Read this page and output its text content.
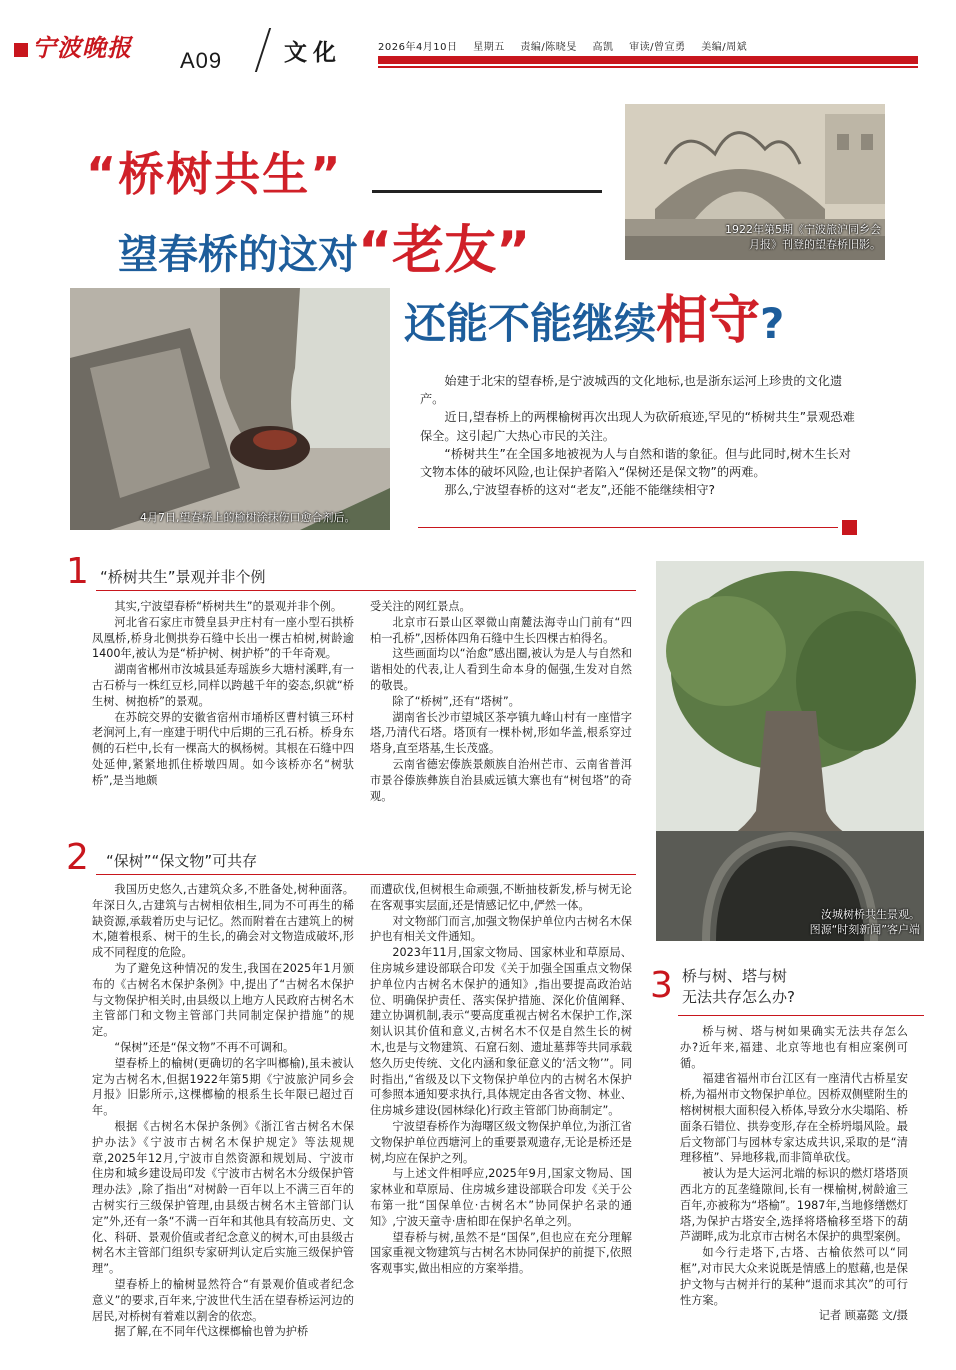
宁波晚报	A09	文化	2026年4月10日 星期五 责编/陈晓旻 高凯 审读/曾宣勇 美编/周斌
1922年第5期《宁波旅沪同乡会月报》刊登的望春桥旧影。
“桥树共生”
望春桥的这对“老友”
4月7日,望春桥上的榆树涂抹伤口愈合剂后。
还能不能继续相守?

始建于北宋的望春桥,是宁波城西的文化地标,也是浙东运河上珍贵的文化遗产。

近日,望春桥上的两棵榆树再次出现人为砍斫痕迹,罕见的“桥树共生”景观恐难保全。这引起广大热心市民的关注。

“桥树共生”在全国多地被视为人与自然和谐的象征。但与此同时,树木生长对文物本体的破坏风险,也让保护者陷入“保树还是保文物”的两难。

那么,宁波望春桥的这对“老友”,还能不能继续相守?

1 “桥树共生”景观并非个例

其实,宁波望春桥“桥树共生”的景观并非个例。

河北省石家庄市赞皇县尹庄村有一座小型石拱桥凤凰桥,桥身北侧拱券石缝中长出一棵古柏树,树龄逾1400年,被认为是“桥护树、树护桥”的千年奇观。

湖南省郴州市汝城县延寿瑶族乡大塘村溪畔,有一古石桥与一株红豆杉,同样以跨越千年的姿态,织就“桥生树、树抱桥”的景观。

在苏皖交界的安徽省宿州市埇桥区曹村镇三环村老涧河上,有一座建于明代中后期的三孔石桥。桥身东侧的石栏中,长有一棵高大的枫杨树。其根在石缝中四处延伸,紧紧地抓住桥墩四周。如今该桥亦名“树驮桥”,是当地颇

受关注的网红景点。

北京市石景山区翠微山南麓法海寺山门前有“四柏一孔桥”,因桥体四角石缝中生长四棵古柏得名。

这些画面均以“治愈”感出圈,被认为是人与自然和谐相处的代表,让人看到生命本身的倔强,生发对自然的敬畏。

除了“桥树”,还有“塔树”。

湖南省长沙市望城区茶亭镇九峰山村有一座惜字塔,乃清代石塔。塔顶有一棵朴树,形如华盖,根系穿过塔身,直至塔基,生长茂盛。

云南省德宏傣族景颇族自治州芒市、云南省普洱市景谷傣族彝族自治县威远镇大寨也有“树包塔”的奇观。

汝城树桥共生景观。
图源“时刻新闻”客户端
2 “保树”“保文物”可共存

我国历史悠久,古建筑众多,不胜备处,树种面落。年深日久,古建筑与古树相依相生,同为不可再生的稀缺资源,承载着历史与记忆。然而附着在古建筑上的树木,随着根系、树干的生长,的确会对文物造成破坏,形成不同程度的危险。

为了避免这种情况的发生,我国在2025年1月颁布的《古树名木保护条例》中,提出了“古树名木保护与文物保护相关时,由县级以上地方人民政府古树名木主管部门和文物主管部门共同制定保护措施”的规定。

“保树”还是“保文物”不再不可调和。

望春桥上的榆树(更确切的名字叫榔榆),虽未被认定为古树名木,但据1922年第5期《宁波旅沪同乡会月报》旧影所示,这棵榔榆的根系生长年限已超过百年。

根据《古树名木保护条例》《浙江省古树名木保护办法》《宁波市古树名木保护规定》等法规规章,2025年12月,宁波市自然资源和规划局、宁波市住房和城乡建设局印发《宁波市古树名木分级保护管理办法》,除了指出“对树龄一百年以上不满三百年的古树实行三级保护管理,由县级古树名木主管部门认定”外,还有一条“不满一百年和其他具有较高历史、文化、科研、景观价值或者纪念意义的树木,可由县级古树名木主管部门组织专家研判认定后实施三级保护管理”。

望春桥上的榆树显然符合“有景观价值或者纪念意义”的要求,百年来,宁波世代生活在望春桥运河边的居民,对桥树有着难以割舍的依恋。

据了解,在不同年代这棵榔榆也曾为护桥

而遭砍伐,但树根生命顽强,不断抽枝新发,桥与树无论在客观事实层面,还是情感记忆中,俨然一体。

对文物部门而言,加强文物保护单位内古树名木保护也有相关文件通知。

2023年11月,国家文物局、国家林业和草原局、住房城乡建设部联合印发《关于加强全国重点文物保护单位内古树名木保护的通知》,指出要提高政治站位、明确保护责任、落实保护措施、深化价值阐释、建立协调机制,表示“要高度重视古树名木保护工作,深刻认识其价值和意义,古树名木不仅是自然生长的树木,也是与文物建筑、石窟石刻、遗址墓葬等共同承载悠久历史传统、文化内涵和象征意义的‘活文物’”。同时指出,“省级及以下文物保护单位内的古树名木保护可参照本通知要求执行,具体规定由各省文物、林业、住房城乡建设(园林绿化)行政主管部门协商制定”。

宁波望春桥作为海曙区级文物保护单位,为浙江省文物保护单位西塘河上的重要景观遗存,无论是桥还是树,均应在保护之列。

与上述文件相呼应,2025年9月,国家文物局、国家林业和草原局、住房城乡建设部联合印发《关于公布第一批“国保单位·古树名木”协同保护名录的通知》,宁波天童寺·唐柏即在保护名单之列。

望春桥与树,虽然不是“国保”,但也应在充分理解国家重视文物建筑与古树名木协同保护的前提下,依照客观事实,做出相应的方案举措。

3 桥与树、塔与树
无法共存怎么办?

桥与树、塔与树如果确实无法共存怎么办?近年来,福建、北京等地也有相应案例可循。

福建省福州市台江区有一座清代古桥星安桥,为福州市文物保护单位。因桥双侧壁附生的榕树树根大面积侵入桥体,导致分水尖塌陷、桥面条石错位、拱券变形,存在全桥坍塌风险。最后文物部门与园林专家达成共识,采取的是“清理移植”、异地移栽,而非简单砍伐。

被认为是大运河北端的标识的燃灯塔塔顶西北方的瓦垄缝隙间,长有一棵榆树,树龄逾三百年,亦被称为“塔榆”。1987年,当地修缮燃灯塔,为保护古塔安全,选择将塔榆移至塔下的葫芦湖畔,成为北京市古树名木保护的典型案例。

如今行走塔下,古塔、古榆依然可以“同框”,对市民大众来说既是情感上的慰藉,也是保护文物与古树并行的某种“退而求其次”的可行性方案。

记者 顾嘉懿 文/摄
